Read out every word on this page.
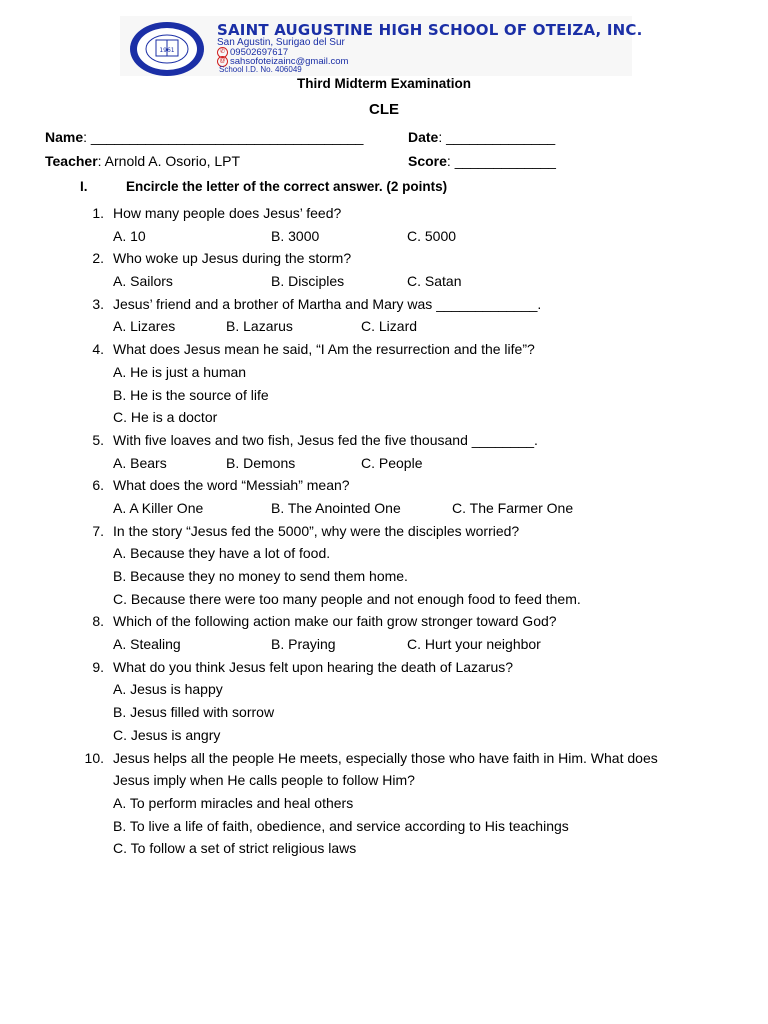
1961
SAINT AUGUSTINE HIGH SCHOOL OF OTEIZA, INC.
San Agustin, Surigao del Sur
✆ 09502697617
@ sahsofoteizainc@gmail.com
School I.D. No. 406049
Third Midterm Examination
CLE
Name: ___________________________________	Date: ______________
Teacher: Arnold A. Osorio, LPT	Score: _____________
I.	Encircle the letter of the correct answer. (2 points)
1. How many people does Jesus’ feed?
A. 10	B. 3000	C. 5000
2. Who woke up Jesus during the storm?
A. Sailors	B. Disciples	C. Satan
3. Jesus’ friend and a brother of Martha and Mary was _____________.
A. Lizares	B. Lazarus	C. Lizard
4. What does Jesus mean he said, “I Am the resurrection and the life”?
A. He is just a human
B. He is the source of life
C. He is a doctor
5. With five loaves and two fish, Jesus fed the five thousand ________.
A. Bears	B. Demons	C. People
6. What does the word “Messiah” mean?
A. A Killer One	B. The Anointed One	C. The Farmer One
7. In the story “Jesus fed the 5000”, why were the disciples worried?
A. Because they have a lot of food.
B. Because they no money to send them home.
C. Because there were too many people and not enough food to feed them.
8. Which of the following action make our faith grow stronger toward God?
A. Stealing	B. Praying	C. Hurt your neighbor
9. What do you think Jesus felt upon hearing the death of Lazarus?
A. Jesus is happy
B. Jesus filled with sorrow
C. Jesus is angry
10. Jesus helps all the people He meets, especially those who have faith in Him. What does
Jesus imply when He calls people to follow Him?
A. To perform miracles and heal others
B. To live a life of faith, obedience, and service according to His teachings
C. To follow a set of strict religious laws
